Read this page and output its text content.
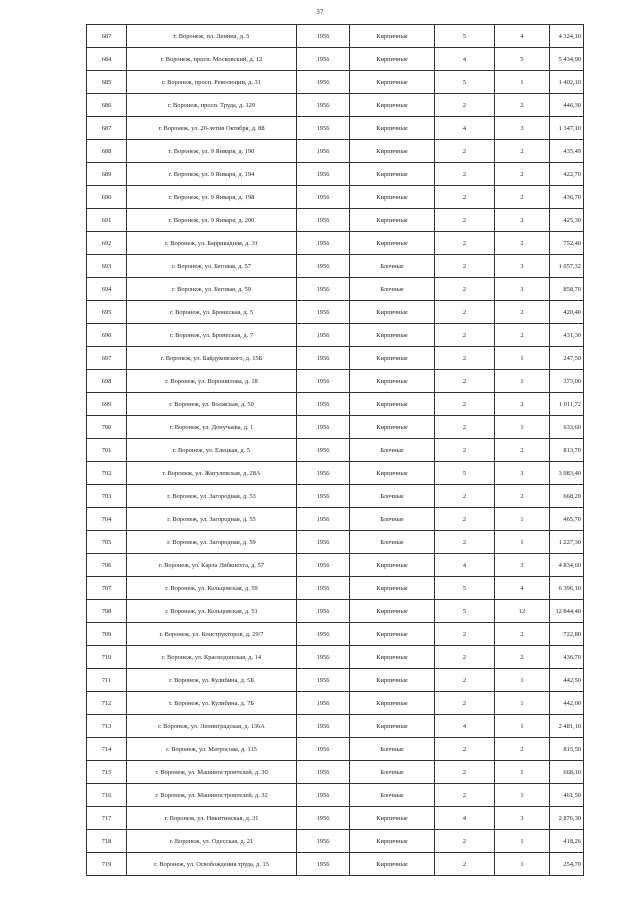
37
687	г. Воронеж, пл. Ленина, д. 5	1956	Кирпичные	5	4	4 324,10
684	г. Воронеж, просп. Московский, д. 12	1956	Кирпичные	4	5	5 434,90
685	г. Воронеж, просп. Революции, д. 31	1956	Кирпичные	5	1	1 402,10
686	г. Воронеж, просп. Труда, д. 129	1956	Кирпичные	2	2	446,30
687	г. Воронеж, ул. 20-летия Октября, д. 88	1956	Кирпичные	4	3	1 347,10
688	г. Воронеж, ул. 9 Января, д. 190	1956	Кирпичные	2	2	435,49
689	г. Воронеж, ул. 9 Января, д. 194	1956	Кирпичные	2	2	422,70
690	г. Воронеж, ул. 9 Января, д. 198	1956	Кирпичные	2	2	436,70
691	г. Воронеж, ул. 9 Января, д. 200	1956	Кирпичные	2	2	425,30
692	г. Воронеж, ул. Баррикадная, д. 31	1956	Кирпичные	2	2	752,40
693	г. Воронеж, ул. Беговая, д. 57	1956	Блочные	2	3	1 057,32
694	г. Воронеж, ул. Беговая, д. 59	1956	Блочные	2	3	858,70
695	г. Воронеж, ул. Бронеская, д. 5	1956	Кирпичные	2	2	420,40
696	г. Воронеж, ул. Бронеская, д. 7	1956	Кирпичные	2	2	431,30
697	г. Воронеж, ул. Байдуковского, д. 15Б	1956	Кирпичные	2	1	247,50
698	г. Воронеж, ул. Ворошилова, д. 18	1956	Кирпичные	2	1	373,00
699	г. Воронеж, ул. Волжская, д. 50	1956	Кирпичные	2	2	1 011,72
700	г. Воронеж, ул. Донучаева, д. 1	1956	Кирпичные	2	1	633,60
701	г. Воронеж, ул. Елецкая, д. 5	1956	Блочные	2	2	813,70
702	г. Воронеж, ул. Жигулевская, д. 28А	1956	Кирпичные	5	3	3 083,40
703	г. Воронеж, ул. Загородная, д. 53	1956	Блочные	2	2	668,20
704	г. Воронеж, ул. Загородная, д. 55	1956	Блочные	2	1	465,70
705	г. Воронеж, ул. Загородная, д. 59	1956	Блочные	2	1	1 227,30
706	г. Воронеж, ул. Карла Либкнехта, д. 57	1956	Кирпичные	4	3	4 834,60
707	г. Воронеж, ул. Кольцовская, д. 59	1956	Кирпичные	5	4	6 396,10
708	г. Воронеж, ул. Кольцовская, д. 51	1956	Кирпичные	5	12	12 844,40
709	г. Воронеж, ул. Конструкторов, д. 29/7	1956	Кирпичные	2	2	722,80
710	г. Воронеж, ул. Краснодонская, д. 14	1956	Кирпичные	2	2	436,70
711	г. Воронеж, ул. Кулибина, д. 5Б	1956	Кирпичные	2	1	442,50
712	г. Воронеж, ул. Кулибина, д. 7Б	1956	Кирпичные	2	1	442,00
713	г. Воронеж, ул. Ленинградская, д. 136А	1956	Кирпичные	4	1	2 481,10
714	г. Воронеж, ул. Матросова, д. 115	1956	Блочные	2	2	815,50
715	г. Воронеж, ул. Машиностроителей, д. 30	1956	Блочные	2	1	668,10
716	г. Воронеж, ул. Машиностроителей, д. 32	1956	Блочные	2	1	461,50
717	г. Воронеж, ул. Никитинская, д. 31	1956	Кирпичные	4	3	2 876,30
718	г. Воронеж, ул. Одесская, д. 21	1956	Кирпичные	2	1	418,26
719	г. Воронеж, ул. Освобождения труда, д. 15	1956	Кирпичные	2	1	254,70
